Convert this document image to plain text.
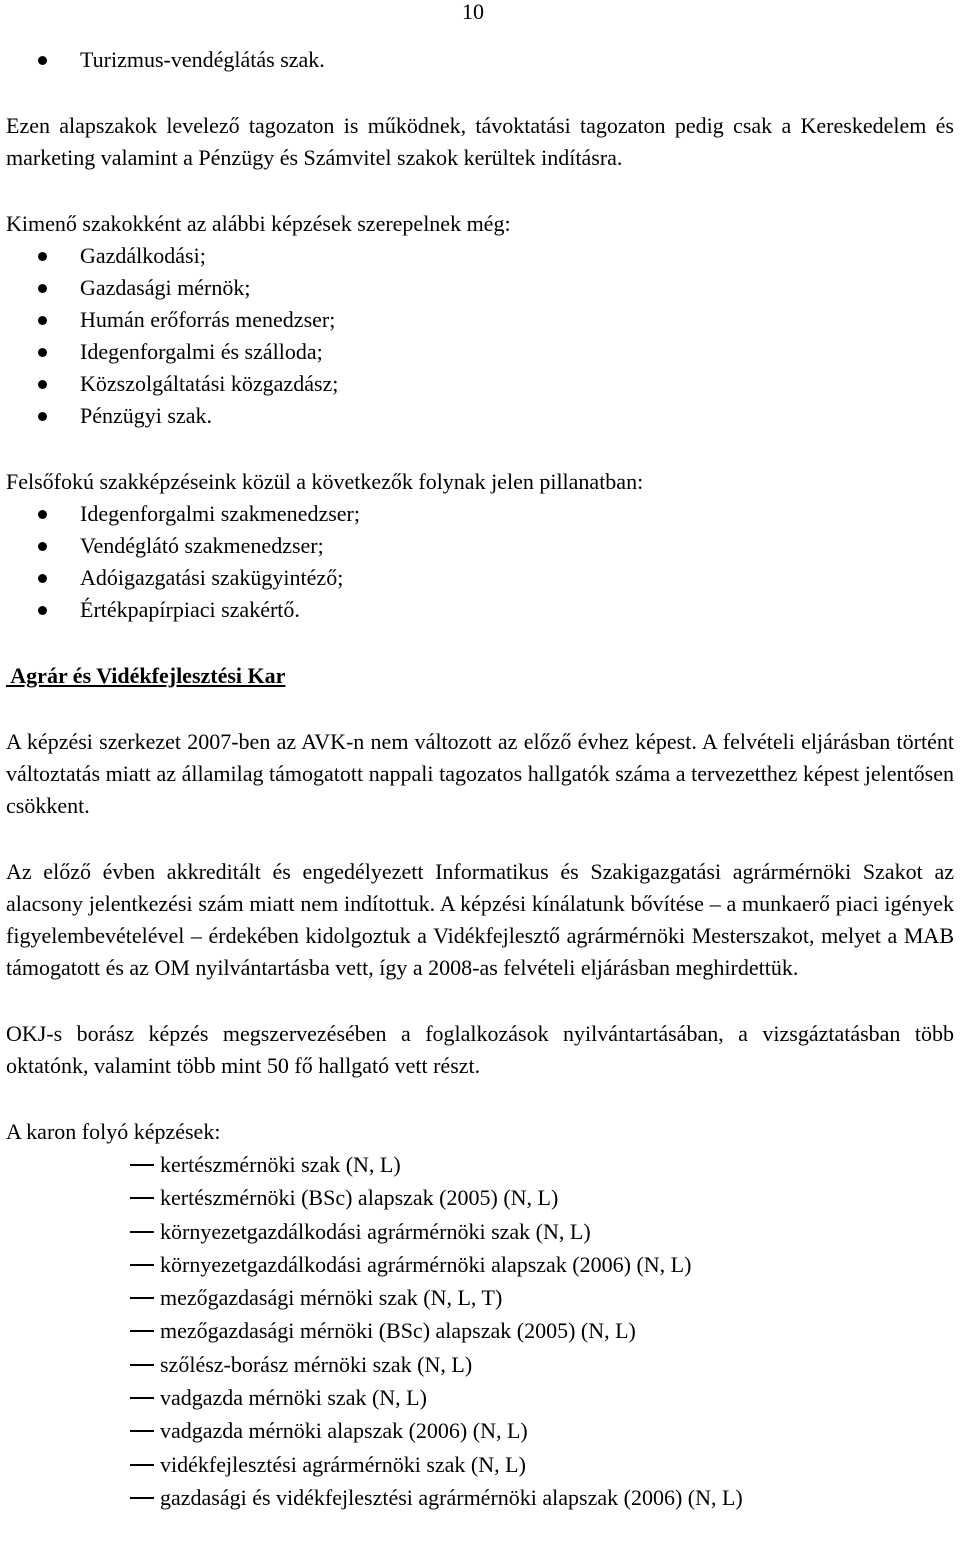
10
Turizmus-vendéglátás szak.

Ezen alapszakok levelező tagozaton is működnek, távoktatási tagozaton pedig csak a Kereskedelem és marketing valamint a Pénzügy és Számvitel szakok kerültek indításra.

Kimenő szakokként az alábbi képzések szerepelnek még:

Gazdálkodási;
Gazdasági mérnök;
Humán erőforrás menedzser;
Idegenforgalmi és szálloda;
Közszolgáltatási közgazdász;
Pénzügyi szak.

Felsőfokú szakképzéseink közül a következők folynak jelen pillanatban:

Idegenforgalmi szakmenedzser;
Vendéglátó szakmenedzser;
Adóigazgatási szakügyintéző;
Értékpapírpiaci szakértő.

Agrár és Vidékfejlesztési Kar

A képzési szerkezet 2007-ben az AVK-n nem változott az előző évhez képest. A felvételi eljárásban történt változtatás miatt az államilag támogatott nappali tagozatos hallgatók száma a tervezetthez képest jelentősen csökkent.

Az előző évben akkreditált és engedélyezett Informatikus és Szakigazgatási agrármérnöki Szakot az alacsony jelentkezési szám miatt nem indítottuk. A képzési kínálatunk bővítése – a munkaerő piaci igények figyelembevételével – érdekében kidolgoztuk a Vidékfejlesztő agrármérnöki Mesterszakot, melyet a MAB támogatott és az OM nyilvántartásba vett, így a 2008-as felvételi eljárásban meghirdettük.

OKJ-s borász képzés megszervezésében a foglalkozások nyilvántartásában, a vizsgáztatásban több oktatónk, valamint több mint 50 fő hallgató vett részt.

A karon folyó képzések:

kertészmérnöki szak (N, L)
kertészmérnöki (BSc) alapszak (2005) (N, L)
környezetgazdálkodási agrármérnöki szak (N, L)
környezetgazdálkodási agrármérnöki alapszak (2006) (N, L)
mezőgazdasági mérnöki szak (N, L, T)
mezőgazdasági mérnöki (BSc) alapszak (2005) (N, L)
szőlész-borász mérnöki szak (N, L)
vadgazda mérnöki szak (N, L)
vadgazda mérnöki alapszak (2006) (N, L)
vidékfejlesztési agrármérnöki szak (N, L)
gazdasági és vidékfejlesztési agrármérnöki alapszak (2006) (N, L)
